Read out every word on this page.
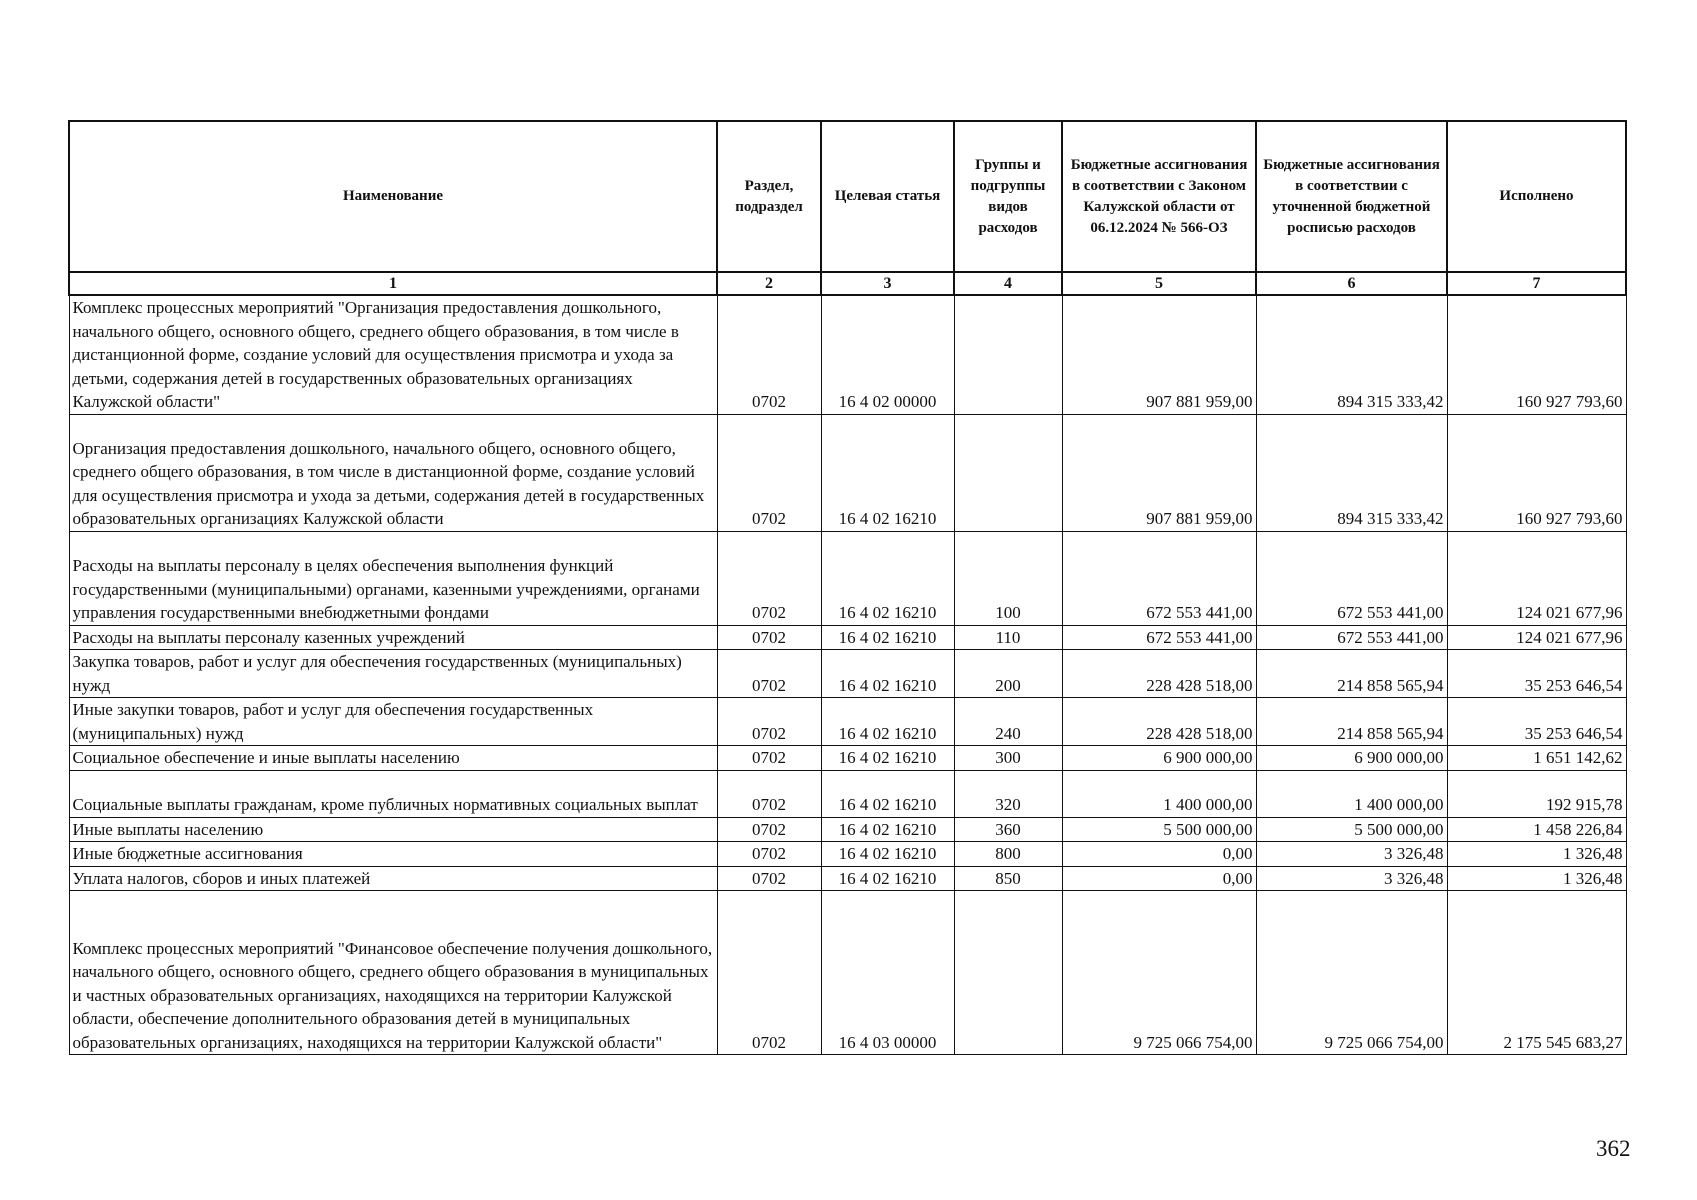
Наименование	Раздел, подраздел	Целевая статья	Группы и подгруппы видов расходов	Бюджетные ассигнования в соответствии с Законом Калужской области от 06.12.2024 № 566-ОЗ	Бюджетные ассигнования в соответствии с уточненной бюджетной росписью расходов	Исполнено
1	2	3	4	5	6	7
Комплекс процессных мероприятий "Организация предоставления дошкольного, начального общего, основного общего, среднего общего образования, в том числе в дистанционной форме, создание условий для осуществления присмотра и ухода за детьми, содержания детей в государственных образовательных организациях Калужской области"	0702	16 4 02 00000		907 881 959,00	894 315 333,42	160 927 793,60
Организация предоставления дошкольного, начального общего, основного общего, среднего общего образования, в том числе в дистанционной форме, создание условий для осуществления присмотра и ухода за детьми, содержания детей в государственных образовательных организациях Калужской области	0702	16 4 02 16210		907 881 959,00	894 315 333,42	160 927 793,60
Расходы на выплаты персоналу в целях обеспечения выполнения функций государственными (муниципальными) органами, казенными учреждениями, органами управления государственными внебюджетными фондами	0702	16 4 02 16210	100	672 553 441,00	672 553 441,00	124 021 677,96
Расходы на выплаты персоналу казенных учреждений	0702	16 4 02 16210	110	672 553 441,00	672 553 441,00	124 021 677,96
Закупка товаров, работ и услуг для обеспечения государственных (муниципальных) нужд	0702	16 4 02 16210	200	228 428 518,00	214 858 565,94	35 253 646,54
Иные закупки товаров, работ и услуг для обеспечения государственных (муниципальных) нужд	0702	16 4 02 16210	240	228 428 518,00	214 858 565,94	35 253 646,54
Социальное обеспечение и иные выплаты населению	0702	16 4 02 16210	300	6 900 000,00	6 900 000,00	1 651 142,62
Социальные выплаты гражданам, кроме публичных нормативных социальных выплат	0702	16 4 02 16210	320	1 400 000,00	1 400 000,00	192 915,78
Иные выплаты населению	0702	16 4 02 16210	360	5 500 000,00	5 500 000,00	1 458 226,84
Иные бюджетные ассигнования	0702	16 4 02 16210	800	0,00	3 326,48	1 326,48
Уплата налогов, сборов и иных платежей	0702	16 4 02 16210	850	0,00	3 326,48	1 326,48
Комплекс процессных мероприятий "Финансовое обеспечение получения дошкольного, начального общего, основного общего, среднего общего образования в муниципальных и частных образовательных организациях, находящихся на территории Калужской области, обеспечение дополнительного образования детей в муниципальных образовательных организациях, находящихся на территории Калужской области"	0702	16 4 03 00000		9 725 066 754,00	9 725 066 754,00	2 175 545 683,27
362
